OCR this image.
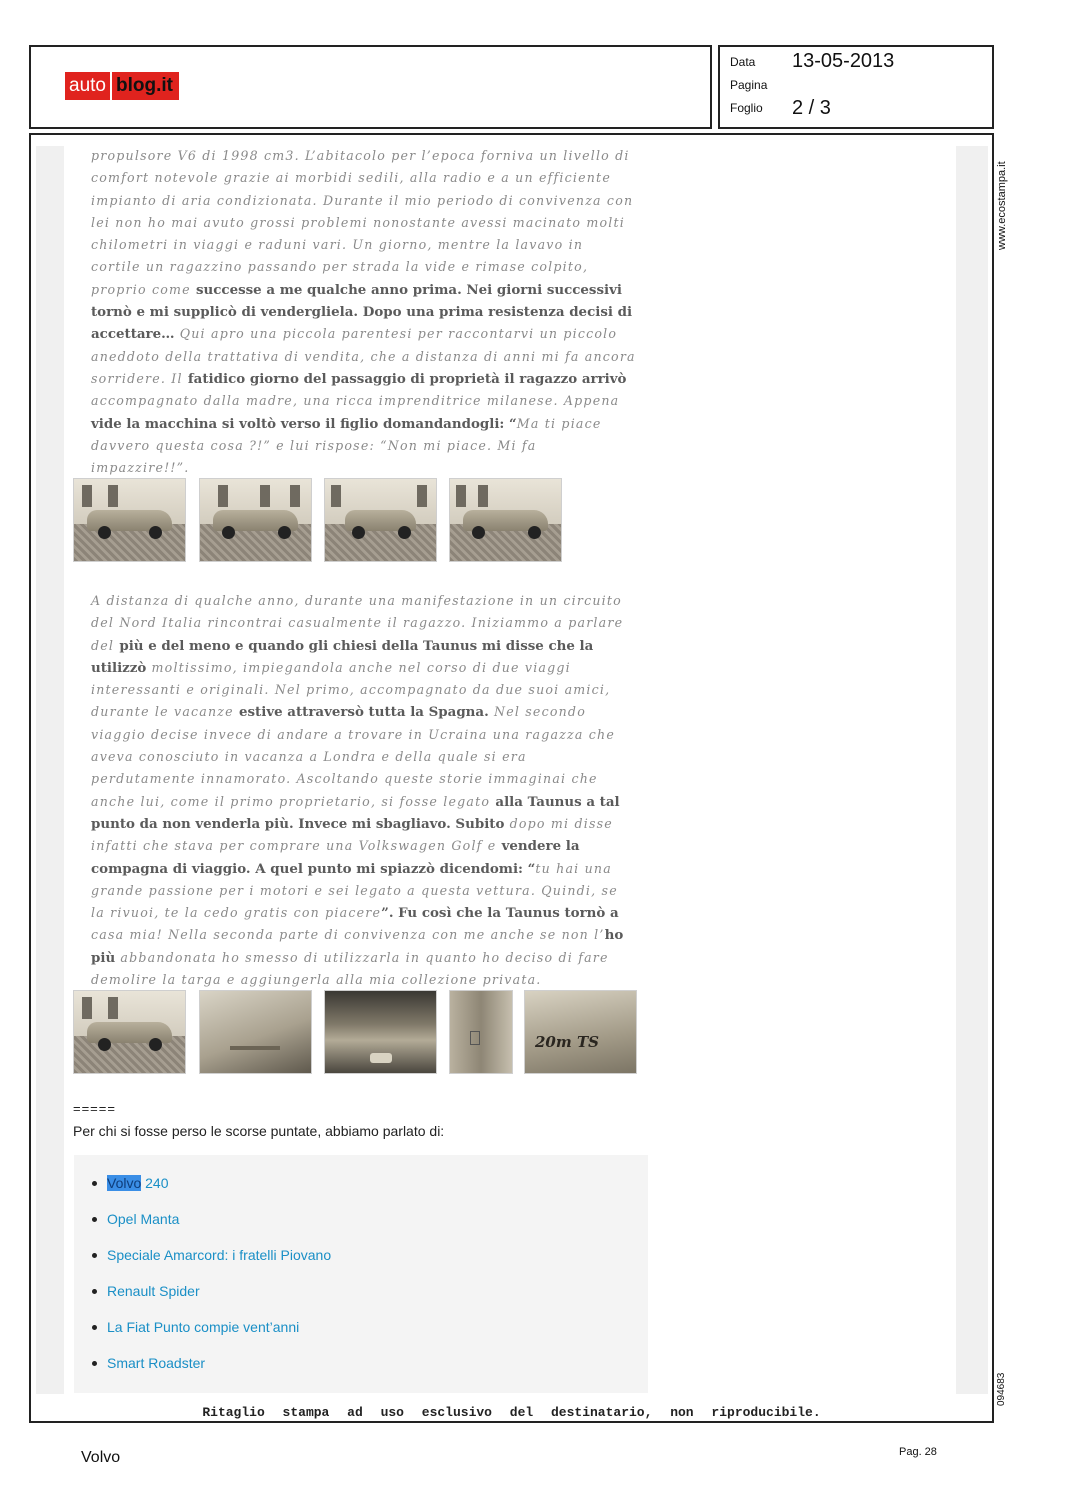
auto blog.it
Data 13-05-2013
Pagina
Foglio 2 / 3
www.ecostampa.it
094683
propulsore V6 di 1998 cm3. L’abitacolo per l’epoca forniva un livello di comfort notevole grazie ai morbidi sedili, alla radio e a un efficiente impianto di aria condizionata. Durante il mio periodo di convivenza con lei non ho mai avuto grossi problemi nonostante avessi macinato molti chilometri in viaggi e raduni vari. Un giorno, mentre la lavavo in cortile un ragazzino passando per strada la vide e rimase colpito, proprio come successe a me qualche anno prima. Nei giorni successivi tornò e mi supplicò di vendergliela. Dopo una prima resistenza decisi di accettare… Qui apro una piccola parentesi per raccontarvi un piccolo aneddoto della trattativa di vendita, che a distanza di anni mi fa ancora sorridere. Il fatidico giorno del passaggio di proprietà il ragazzo arrivò accompagnato dalla madre, una ricca imprenditrice milanese. Appena vide la macchina si voltò verso il figlio domandandogli: “Ma ti piace davvero questa cosa ?!” e lui rispose: “Non mi piace. Mi fa impazzire!!”.
A distanza di qualche anno, durante una manifestazione in un circuito del Nord Italia rincontrai casualmente il ragazzo. Iniziammo a parlare del più e del meno e quando gli chiesi della Taunus mi disse che la utilizzò moltissimo, impiegandola anche nel corso di due viaggi interessanti e originali. Nel primo, accompagnato da due suoi amici, durante le vacanze estive attraversò tutta la Spagna. Nel secondo viaggio decise invece di andare a trovare in Ucraina una ragazza che aveva conosciuto in vacanza a Londra e della quale si era perdutamente innamorato. Ascoltando queste storie immaginai che anche lui, come il primo proprietario, si fosse legato alla Taunus a tal punto da non venderla più. Invece mi sbagliavo. Subito dopo mi disse infatti che stava per comprare una Volkswagen Golf e vendere la compagna di viaggio. A quel punto mi spiazzò dicendomi: “tu hai una grande passione per i motori e sei legato a questa vettura. Quindi, se la rivuoi, te la cedo gratis con piacere”. Fu così che la Taunus tornò a casa mia! Nella seconda parte di convivenza con me anche se non l’ho più abbandonata ho smesso di utilizzarla in quanto ho deciso di fare demolire la targa e aggiungerla alla mia collezione privata.
20m TS
=====
Per chi si fosse perso le scorse puntate, abbiamo parlato di:
Volvo 240
Opel Manta
Speciale Amarcord: i fratelli Piovano
Renault Spider
La Fiat Punto compie vent’anni
Smart Roadster
Ritaglio stampa ad uso esclusivo del destinatario, non riproducibile.
Volvo	Pag. 28
